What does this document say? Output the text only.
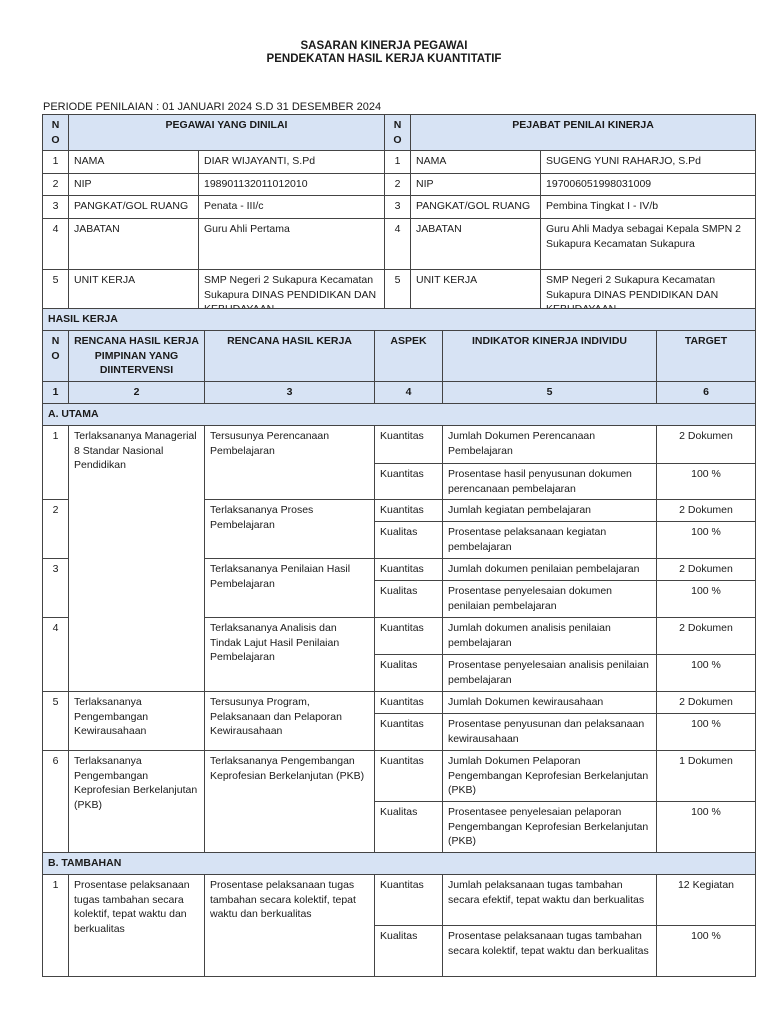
SASARAN KINERJA PEGAWAI
PENDEKATAN HASIL KERJA KUANTITATIF
PERIODE PENILAIAN : 01 JANUARI 2024 S.D 31 DESEMBER 2024
NO	PEGAWAI YANG DINILAI		NO	PEJABAT PENILAI KINERJA	
1	NAMA	DIAR WIJAYANTI, S.Pd	1	NAMA	SUGENG YUNI RAHARJO, S.Pd
2	NIP	198901132011012010	2	NIP	197006051998031009
3	PANGKAT/GOL RUANG	Penata - III/c	3	PANGKAT/GOL RUANG	Pembina Tingkat I - IV/b
4	JABATAN	Guru Ahli Pertama	4	JABATAN	Guru Ahli Madya sebagai Kepala SMPN 2 Sukapura Kecamatan Sukapura
5	UNIT KERJA	SMP Negeri 2 Sukapura Kecamatan Sukapura DINAS PENDIDIKAN DAN	5	UNIT KERJA	SMP Negeri 2 Sukapura Kecamatan Sukapura DINAS PENDIDIKAN DAN
HASIL KERJA					
NO	RENCANA HASIL KERJA PIMPINAN YANG DIINTERVENSI	RENCANA HASIL KERJA	ASPEK	INDIKATOR KINERJA INDIVIDU	TARGET
1	2	3	4	5	6
A. UTAMA					
1	Terlaksananya Managerial 8 Standar Nasional Pendidikan	Tersusunya Perencanaan Pembelajaran	Kuantitas	Jumlah Dokumen Perencanaan Pembelajaran	2 Dokumen
			Kuantitas	Prosentase hasil penyusunan dokumen perencanaan pembelajaran	100 %
2		Terlaksananya Proses Pembelajaran	Kuantitas	Jumlah kegiatan pembelajaran	2 Dokumen
			Kualitas	Prosentase pelaksanaan kegiatan pembelajaran	100 %
3		Terlaksananya Penilaian Hasil Pembelajaran	Kuantitas	Jumlah dokumen penilaian pembelajaran	2 Dokumen
			Kualitas	Prosentase penyelesaian dokumen penilaian pembelajaran	100 %
4		Terlaksananya Analisis dan Tindak Lajut Hasil Penilaian Pembelajaran	Kuantitas	Jumlah dokumen analisis penilaian pembelajaran	2 Dokumen
			Kualitas	Prosentase penyelesaian analisis penilaian pembelajaran	100 %
5	Terlaksananya Pengembangan Kewirausahaan	Tersusunya Program, Pelaksanaan dan Pelaporan Kewirausahaan	Kuantitas	Jumlah Dokumen kewirausahaan	2 Dokumen
			Kuantitas	Prosentase penyusunan dan pelaksanaan kewirausahaan	100 %
6	Terlaksananya Pengembangan Keprofesian Berkelanjutan (PKB)	Terlaksananya Pengembangan Keprofesian Berkelanjutan (PKB)	Kuantitas	Jumlah Dokumen Pelaporan Pengembangan Keprofesian Berkelanjutan (PKB)	1 Dokumen
			Kualitas	Prosentasee penyelesaian pelaporan Pengembangan Keprofesian Berkelanjutan (PKB)	100 %
B. TAMBAHAN					
1	Prosentase pelaksanaan tugas tambahan secara kolektif, tepat waktu dan berkualitas	Prosentase pelaksanaan tugas tambahan secara kolektif, tepat waktu dan berkualitas	Kuantitas	Jumlah pelaksanaan tugas tambahan secara efektif, tepat waktu dan berkualitas	12 Kegiatan
			Kualitas	Prosentase pelaksanaan tugas tambahan secara kolektif, tepat waktu dan berkualitas	100 %
